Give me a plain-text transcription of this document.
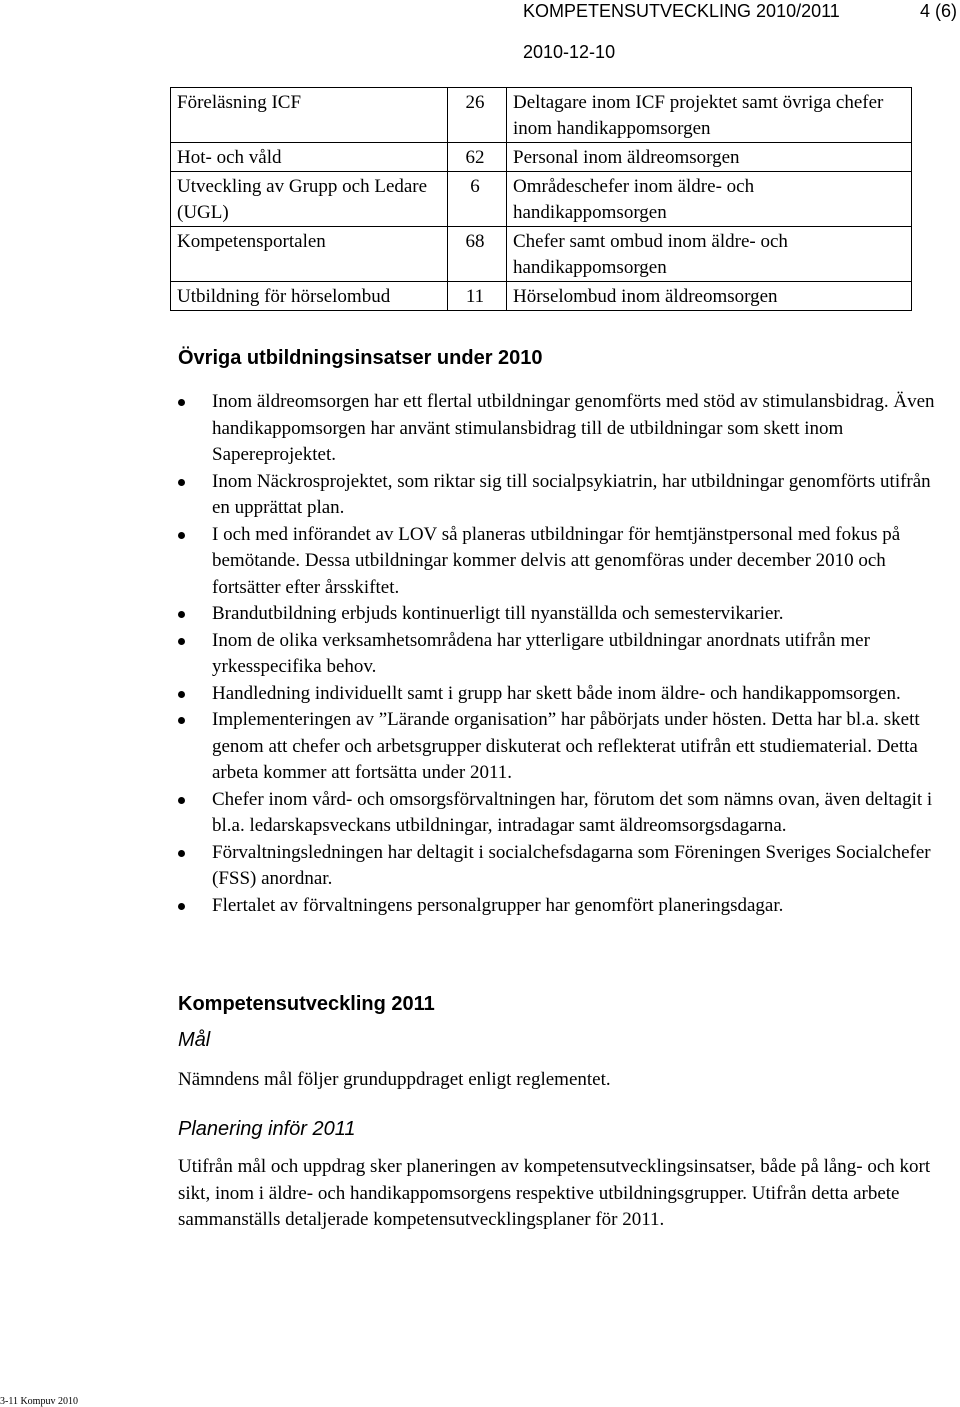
KOMPETENSUTVECKLING 2010/2011	4 (6)
2010-12-10
Föreläsning ICF	26	Deltagare inom ICF projektet samt övriga chefer inom handikappomsorgen
Hot- och våld	62	Personal inom äldreomsorgen
Utveckling av Grupp och Ledare (UGL)	6	Områdeschefer inom äldre- och handikappomsorgen
Kompetensportalen	68	Chefer samt ombud inom äldre- och handikappomsorgen
Utbildning för hörselombud	11	Hörselombud inom äldreomsorgen
Övriga utbildningsinsatser under 2010
Inom äldreomsorgen har ett flertal utbildningar genomförts med stöd av stimulansbidrag. Även handikappomsorgen har använt stimulansbidrag till de utbildningar som skett inom Sapereprojektet.
Inom Näckrosprojektet, som riktar sig till socialpsykiatrin, har utbildningar genomförts utifrån en upprättat plan.
I och med införandet av LOV så planeras utbildningar för hemtjänstpersonal med fokus på bemötande. Dessa utbildningar kommer delvis att genomföras under december 2010 och fortsätter efter årsskiftet.
Brandutbildning erbjuds kontinuerligt till nyanställda och semestervikarier.
Inom de olika verksamhetsområdena har ytterligare utbildningar anordnats utifrån mer yrkesspecifika behov.
Handledning individuellt samt i grupp har skett både inom äldre- och handikappomsorgen.
Implementeringen av ”Lärande organisation” har påbörjats under hösten. Detta har bl.a. skett genom att chefer och arbetsgrupper diskuterat och reflekterat utifrån ett studiematerial. Detta arbeta kommer att fortsätta under 2011.
Chefer inom vård- och omsorgsförvaltningen har, förutom det som nämns ovan, även deltagit i bl.a. ledarskapsveckans utbildningar, intradagar samt äldreomsorgsdagarna.
Förvaltningsledningen har deltagit i socialchefsdagarna som Föreningen Sveriges Socialchefer (FSS) anordnar.
Flertalet av förvaltningens personalgrupper har genomfört planeringsdagar.
Kompetensutveckling 2011
Mål

Nämndens mål följer grunduppdraget enligt reglementet.

Planering inför 2011

Utifrån mål och uppdrag sker planeringen av kompetensutvecklingsinsatser, både på lång- och kort sikt, inom i äldre- och handikappomsorgens respektive utbildningsgrupper. Utifrån detta arbete sammanställs detaljerade kompetensutvecklingsplaner för 2011.

3-11 Kompuv 2010
